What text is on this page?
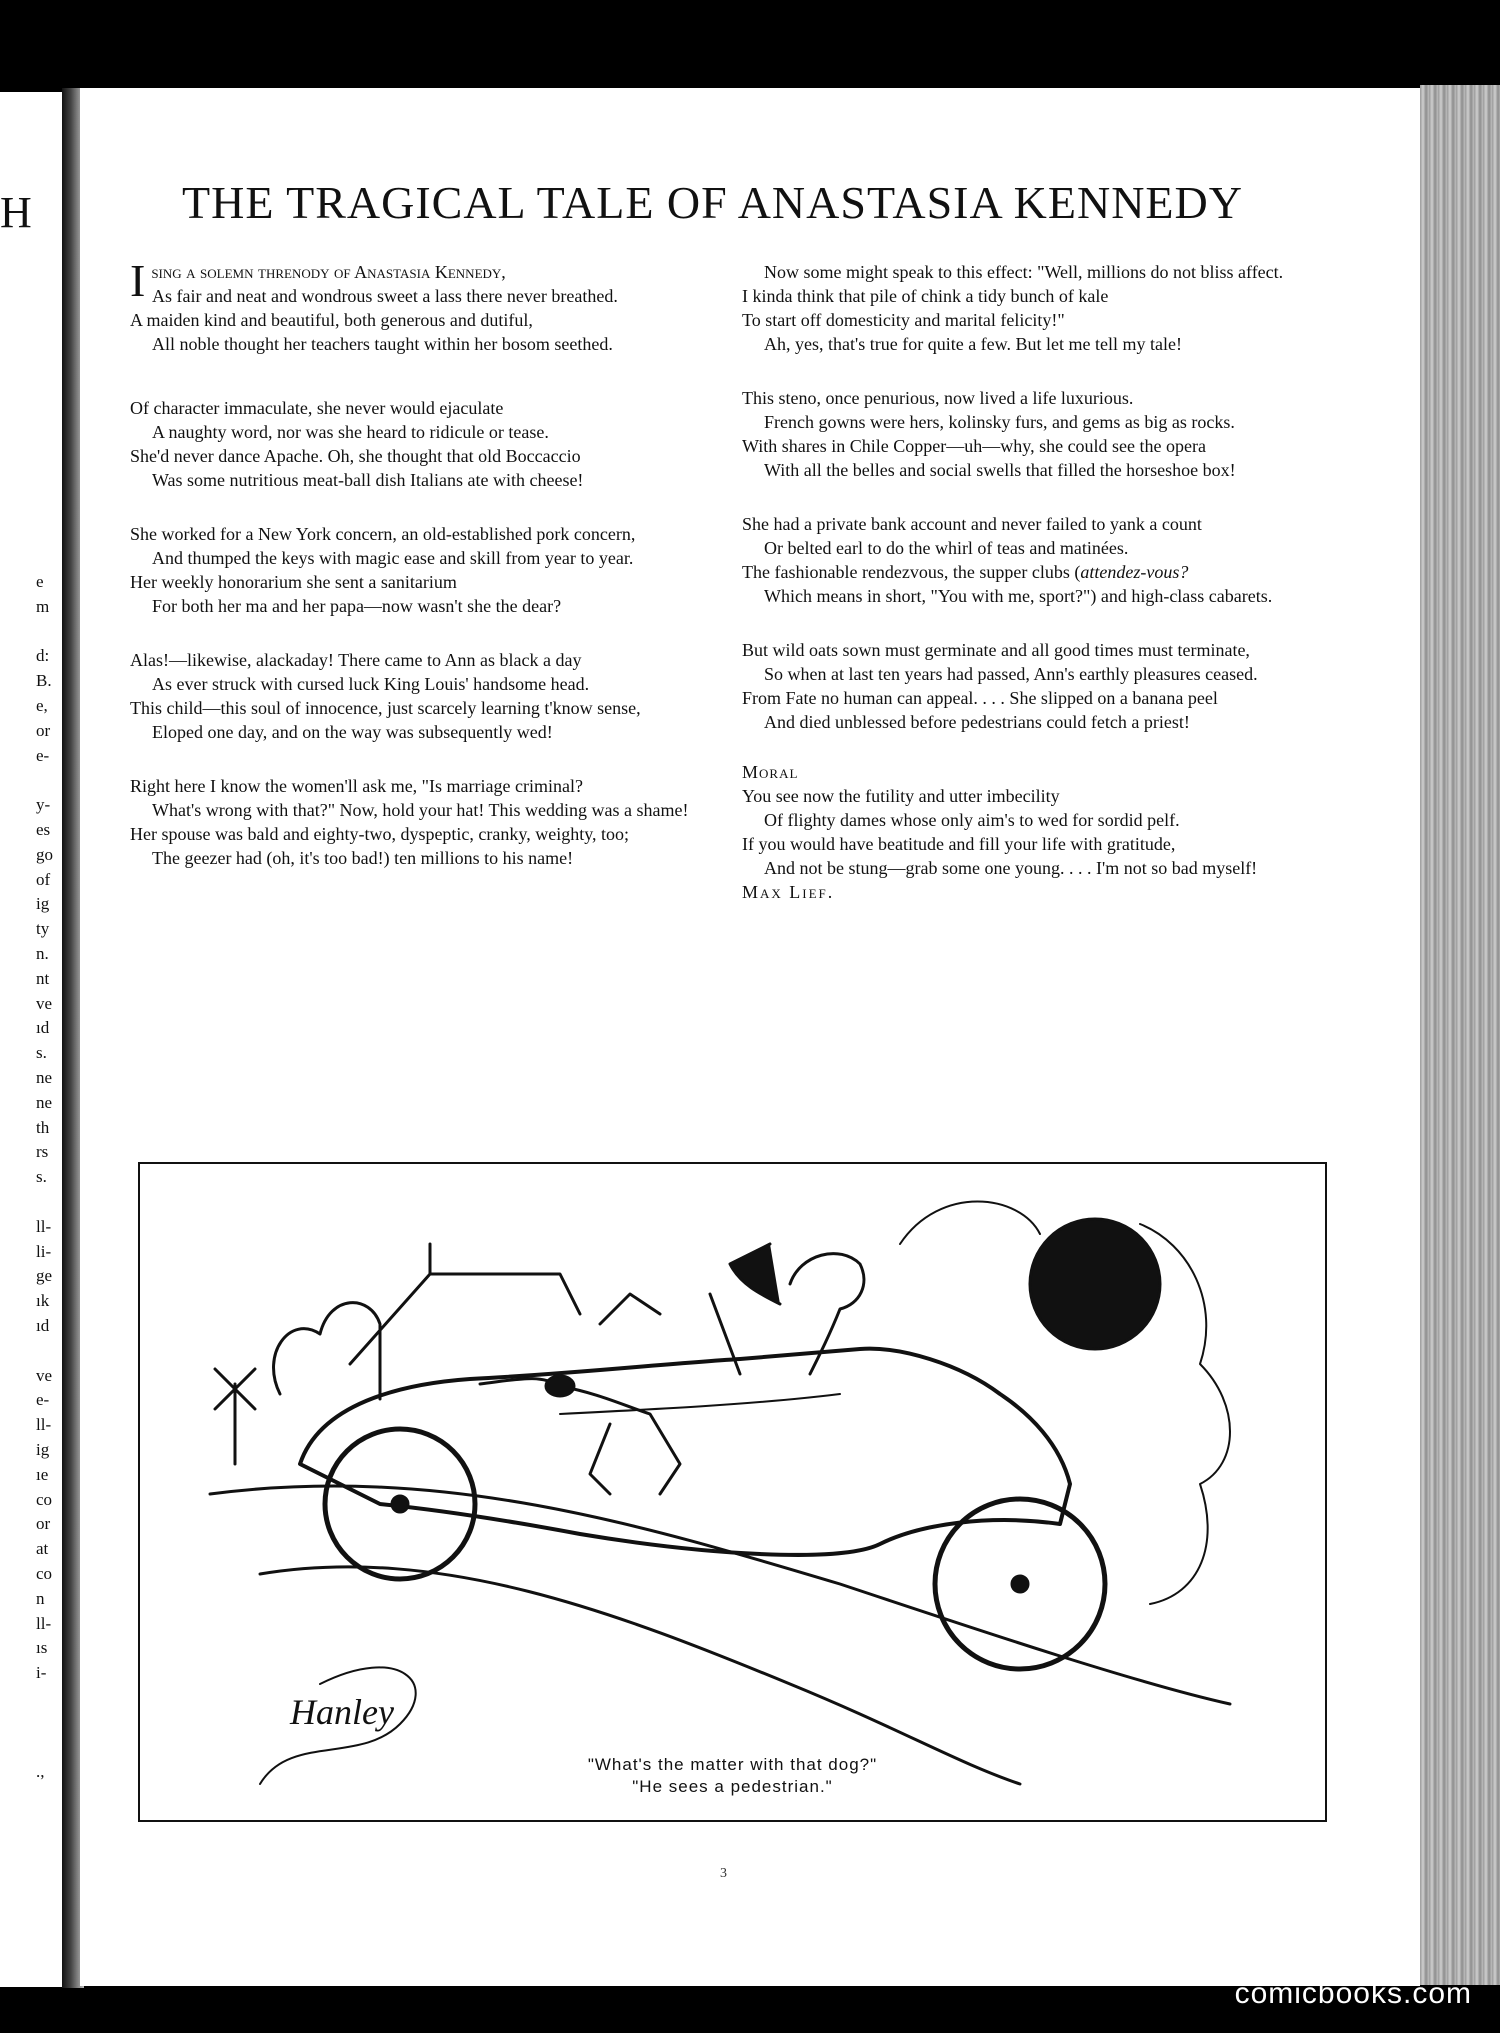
H
e
m
d:
B.
e,
or
e-
y-
es
go
of
ig
ty
n.
nt
ve
ıd
s.
ne
ne
th
rs
s.
ll-
li-
ge
ık
ıd
ve
e-
ll-
ig
ıe
co
or
at
co
n
ll-
ıs
i-
.,
THE TRAGICAL TALE OF ANASTASIA KENNEDY

Ising a solemn threnody of Anastasia Kennedy,

As fair and neat and wondrous sweet a lass there never breathed.

A maiden kind and beautiful, both generous and dutiful,

All noble thought her teachers taught within her bosom seethed.

Of character immaculate, she never would ejaculate

A naughty word, nor was she heard to ridicule or tease.

She'd never dance Apache. Oh, she thought that old Boccaccio

Was some nutritious meat-ball dish Italians ate with cheese!

She worked for a New York concern, an old-established pork concern,

And thumped the keys with magic ease and skill from year to year.

Her weekly honorarium she sent a sanitarium

For both her ma and her papa—now wasn't she the dear?

Alas!—likewise, alackaday! There came to Ann as black a day

As ever struck with cursed luck King Louis' handsome head.

This child—this soul of innocence, just scarcely learning t'know sense,

Eloped one day, and on the way was subsequently wed!

Right here I know the women'll ask me, "Is marriage criminal?

What's wrong with that?" Now, hold your hat! This wedding was a shame!

Her spouse was bald and eighty-two, dyspeptic, cranky, weighty, too;

The geezer had (oh, it's too bad!) ten millions to his name!

Now some might speak to this effect: "Well, millions do not bliss affect.

I kinda think that pile of chink a tidy bunch of kale

To start off domesticity and marital felicity!"

Ah, yes, that's true for quite a few. But let me tell my tale!

This steno, once penurious, now lived a life luxurious.

French gowns were hers, kolinsky furs, and gems as big as rocks.

With shares in Chile Copper—uh—why, she could see the opera

With all the belles and social swells that filled the horseshoe box!

She had a private bank account and never failed to yank a count

Or belted earl to do the whirl of teas and matinées.

The fashionable rendezvous, the supper clubs (attendez-vous?

Which means in short, "You with me, sport?") and high-class cabarets.

But wild oats sown must germinate and all good times must terminate,

So when at last ten years had passed, Ann's earthly pleasures ceased.

From Fate no human can appeal. . . . She slipped on a banana peel

And died unblessed before pedestrians could fetch a priest!

Moral

You see now the futility and utter imbecility

Of flighty dames whose only aim's to wed for sordid pelf.

If you would have beatitude and fill your life with gratitude,

And not be stung—grab some one young. . . . I'm not so bad myself!

Max Lief.

Hanley
"What's the matter with that dog?"
"He sees a pedestrian."
3
comicbooks.com
